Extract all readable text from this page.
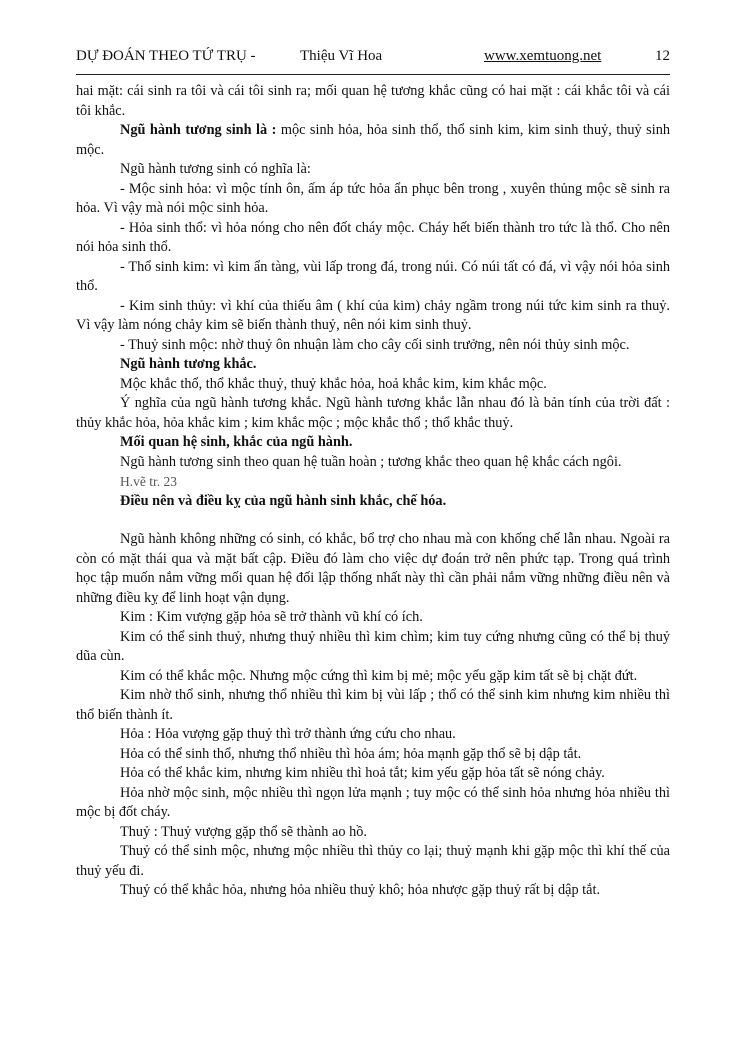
DỰ ĐOÁN THEO TỨ TRỤ -	Thiệu Vĩ Hoa	www.xemtuong.net	12

hai mặt: cái sinh ra tôi và cái tôi sinh ra; mối quan hệ tương khắc cũng có hai mặt : cái khắc tôi và cái tôi khắc.

Ngũ hành tương sinh là : mộc sinh hỏa, hỏa sinh thổ, thổ sinh kim, kim sinh thuỷ, thuỷ sinh mộc.

Ngũ hành tương sinh có nghĩa là:

- Mộc sinh hỏa: vì mộc tính ôn, ấm áp tức hỏa ẩn phục bên trong , xuyên thủng mộc sẽ sinh ra hỏa. Vì vậy mà nói mộc sinh hỏa.

- Hỏa sinh thổ: vì hỏa nóng cho nên đốt cháy mộc. Cháy hết biến thành tro tức là thổ. Cho nên nói hỏa sinh thổ.

- Thổ sinh kim: vì kim ẩn tàng, vùi lấp trong đá, trong núi. Có núi tất có đá, vì vậy nói hỏa sinh thổ.

- Kim sinh thủy: vì khí của thiếu âm ( khí của kim) chảy ngầm trong núi tức kim sinh ra thuỷ. Vì vậy làm nóng chảy kim sẽ biến thành thuỷ, nên nói kim sinh thuỷ.

- Thuỷ sinh mộc: nhờ thuỷ ôn nhuận làm cho cây cối sinh trưởng, nên nói thủy sinh mộc.

Ngũ hành tương khắc.

Mộc khắc thổ, thổ khắc thuỷ, thuỷ khắc hỏa, hoả khắc kim, kim khắc mộc.

Ý nghĩa của ngũ hành tương khắc. Ngũ hành tương khắc lẫn nhau đó là bản tính của trời đất : thủy khắc hỏa, hỏa khắc kim ; kim khắc mộc ; mộc khắc thổ ; thổ khắc thuỷ.

Mối quan hệ sinh, khắc của ngũ hành.

Ngũ hành tương sinh theo quan hệ tuần hoàn ; tương khắc theo quan hệ khắc cách ngôi.

H.vẽ tr. 23

Điều nên và điều kỵ của ngũ hành sinh khắc, chế hóa.

Ngũ hành không những có sinh, có khắc, bổ trợ cho nhau mà con khống chế lẫn nhau. Ngoài ra còn có mặt thái qua và mặt bất cập. Điều đó làm cho việc dự đoán trở nên phức tạp. Trong quá trình học tập muốn nắm vững mối quan hệ đối lập thống nhất này thì cần phải nắm vững những điều nên và những điều kỵ để linh hoạt vận dụng.

Kim : Kim vượng gặp hỏa sẽ trở thành vũ khí có ích.

Kim có thể sinh thuỷ, nhưng thuỷ nhiều thì kim chìm; kim tuy cứng nhưng cũng có thể bị thuỷ dũa cùn.

Kim có thể khắc mộc. Nhưng mộc cứng thì kim bị mẻ; mộc yếu gặp kim tất sẽ bị chặt đứt.

Kim nhờ thổ sinh, nhưng thổ nhiều thì kim bị vùi lấp ; thổ có thể sinh kim nhưng kim nhiều thì thổ biến thành ít.

Hỏa : Hỏa vượng gặp thuỷ thì trở thành ứng cứu cho nhau.

Hỏa có thể sinh thổ, nhưng thổ nhiều thì hỏa ám; hỏa mạnh gặp thổ sẽ bị dập tắt.

Hỏa có thể khắc kim, nhưng kim nhiều thì hoả tắt; kim yếu gặp hỏa tất sẽ nóng chảy.

Hỏa nhờ mộc sinh, mộc nhiều thì ngọn lửa mạnh ; tuy mộc có thể sinh hỏa nhưng hỏa nhiều thì mộc bị đốt cháy.

Thuỷ : Thuỷ vượng gặp thổ sẽ thành ao hồ.

Thuỷ có thể sinh mộc, nhưng mộc nhiều thì thủy co lại; thuỷ mạnh khi gặp mộc thì khí thế của thuỷ yếu đi.

Thuỷ có thể khắc hỏa, nhưng hỏa nhiều thuỷ khô; hỏa nhược gặp thuỷ rất bị dập tắt.
